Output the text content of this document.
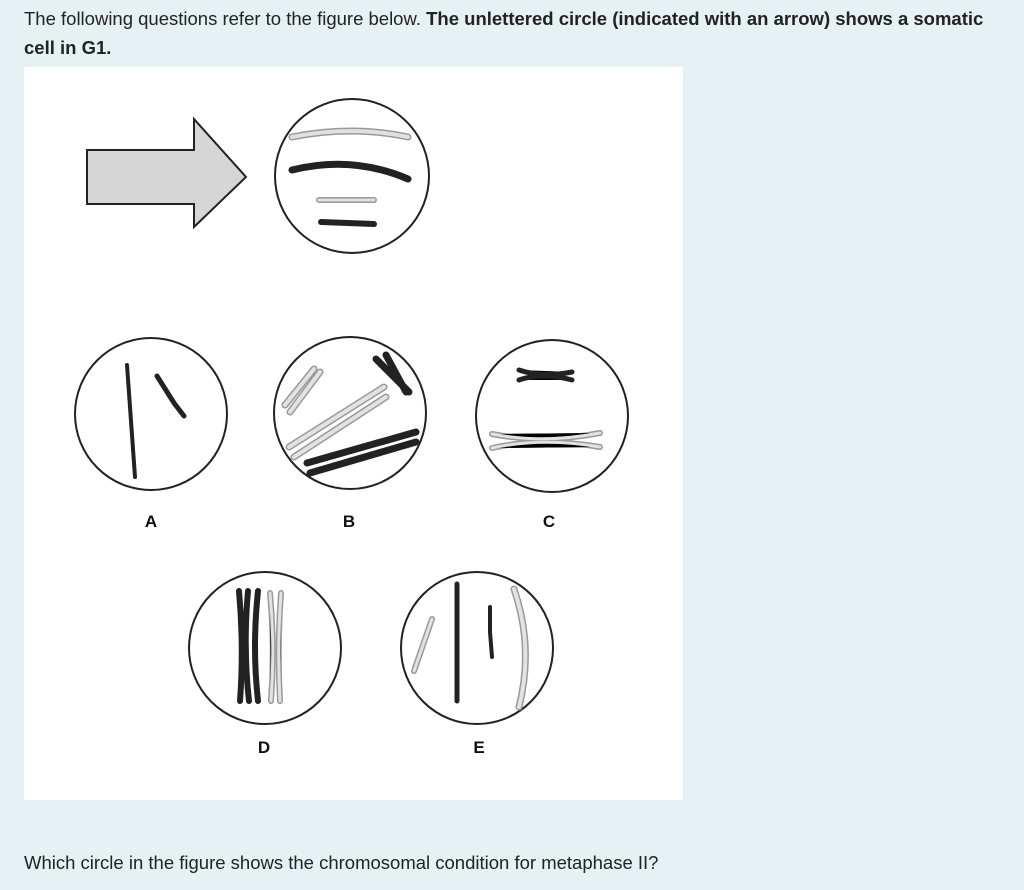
The following questions refer to the figure below. The unlettered circle (indicated with an arrow) shows a somatic cell in G1.

A	B	C
D	E

Which circle in the figure shows the chromosomal condition for metaphase II?
